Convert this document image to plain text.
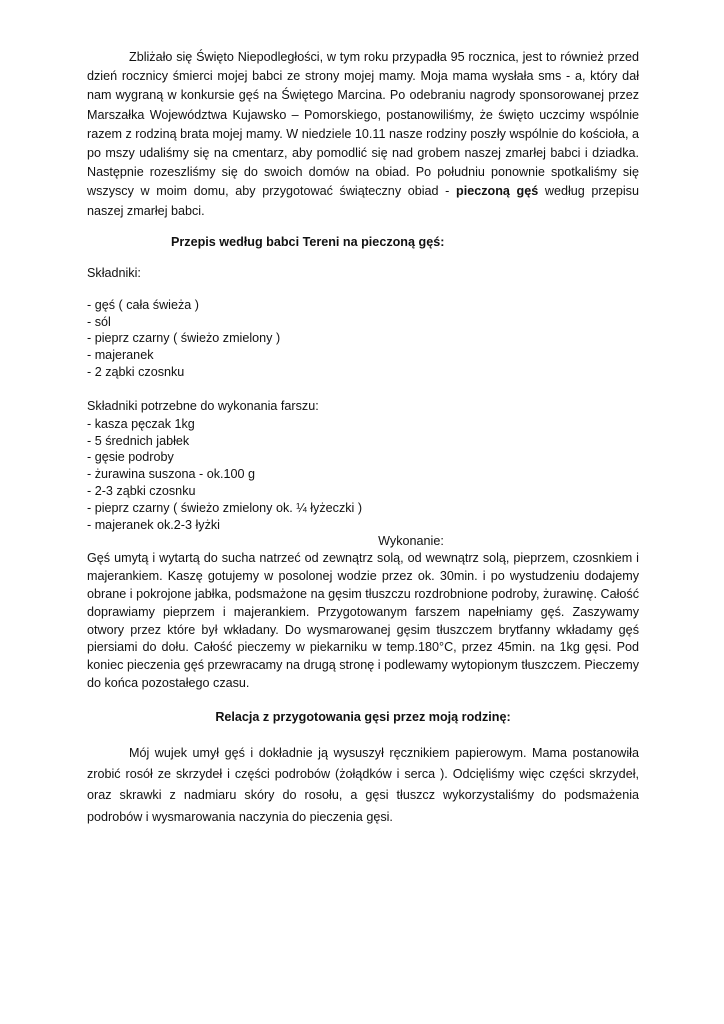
Zbliżało się Święto Niepodległości, w tym roku przypadła 95 rocznica, jest to również przed dzień rocznicy śmierci mojej babci ze strony mojej mamy. Moja mama wysłała sms - a, który dał nam wygraną w konkursie gęś na Świętego Marcina. Po odebraniu nagrody sponsorowanej przez Marszałka Województwa Kujawsko – Pomorskiego, postanowiliśmy, że święto uczcimy wspólnie razem z rodziną brata mojej mamy. W niedziele 10.11 nasze rodziny poszły wspólnie do kościoła, a po mszy udaliśmy się na cmentarz, aby pomodlić się nad grobem naszej zmarłej babci i dziadka. Następnie rozeszliśmy się do swoich domów na obiad. Po południu ponownie spotkaliśmy się wszyscy w moim domu, aby przygotować świąteczny obiad - pieczoną gęś według przepisu naszej zmarłej babci.

Przepis według babci Tereni na pieczoną gęś:

Składniki:

- gęś ( cała świeża )
- sól
- pieprz czarny ( świeżo zmielony )
- majeranek
- 2 ząbki czosnku

Składniki potrzebne do wykonania farszu:

- kasza pęczak 1kg
- 5 średnich jabłek
- gęsie podroby
- żurawina suszona - ok.100 g
- 2-3 ząbki czosnku
- pieprz czarny ( świeżo zmielony ok. ¼ łyżeczki )
- majeranek ok.2-3 łyżki

Wykonanie:

Gęś umytą i wytartą do sucha natrzeć od zewnątrz solą, od wewnątrz solą, pieprzem, czosnkiem i majerankiem. Kaszę gotujemy w posolonej wodzie przez ok. 30min. i po wystudzeniu dodajemy obrane i pokrojone jabłka, podsmażone na gęsim tłuszczu rozdrobnione podroby, żurawinę. Całość doprawiamy pieprzem i majerankiem. Przygotowanym farszem napełniamy gęś. Zaszywamy otwory przez które był wkładany. Do wysmarowanej gęsim tłuszczem brytfanny wkładamy gęś piersiami do dołu. Całość pieczemy w piekarniku w temp.180°C, przez 45min. na 1kg gęsi. Pod koniec pieczenia gęś przewracamy na drugą stronę i podlewamy wytopionym tłuszczem. Pieczemy do końca pozostałego czasu.

Relacja z przygotowania gęsi przez moją rodzinę:

Mój wujek umył gęś i dokładnie ją wysuszył ręcznikiem papierowym. Mama postanowiła zrobić rosół ze skrzydeł i części podrobów (żołądków i serca ). Odcięliśmy więc części skrzydeł, oraz skrawki z nadmiaru skóry do rosołu, a gęsi tłuszcz wykorzystaliśmy do podsmażenia podrobów i wysmarowania naczynia do pieczenia gęsi.
